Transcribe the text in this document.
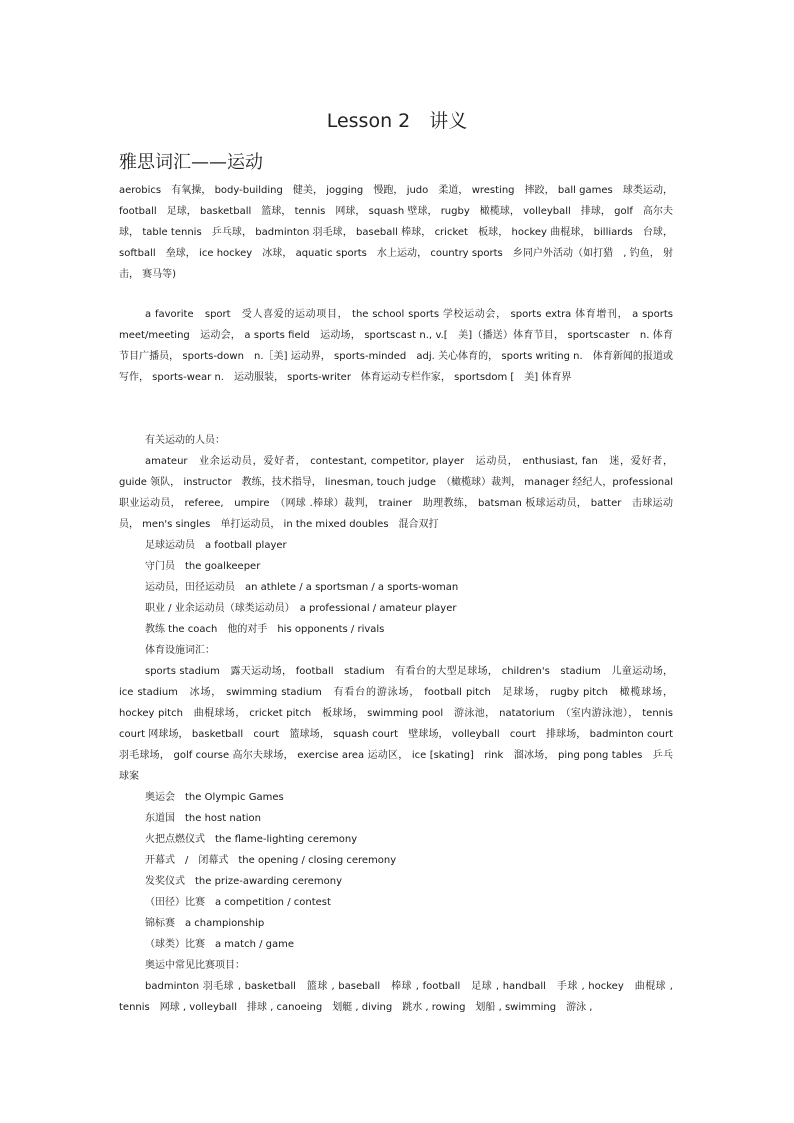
Lesson 2　讲义
雅思词汇——运动

aerobics　有氧操， body-building　健美， jogging　慢跑， judo　柔道， wresting　摔跤， ball games　球类运动， football　足球， basketball　篮球， tennis　网球， squash 壁球， rugby　橄榄球， volleyball　排球， golf　高尔夫球， table tennis　乒乓球， badminton 羽毛球， baseball 棒球， cricket　板球， hockey 曲棍球， billiards　台球， softball　垒球， ice hockey　冰球， aquatic sports　水上运动， country sports　乡同户外活动（如打猎　, 钓鱼， 射击， 赛马等)

a favorite　sport　受人喜爱的运动项目， the school sports 学校运动会， sports extra 体育增刊， a sports meet/meeting　运动会， a sports field　运动场， sportscast n., v.[　美]（播送）体育节目， sportscaster　n. 体育节目广播员， sports-down　n.［美] 运动界， sports-minded　adj. 关心体育的， sports writing n.　体育新闻的报道或写作， sports-wear n.　运动服装， sports-writer　体育运动专栏作家， sportsdom [　美] 体育界

有关运动的人员：

amateur　业余运动员，爱好者， contestant, competitor, player　运动员， enthusiast, fan　迷，爱好者， guide 领队， instructor　教练，技术指导， linesman, touch judge　（橄榄球）裁判， manager 经纪人，professional　职业运动员， referee,　umpire　（网球 .棒球）裁判， trainer　助理教练， batsman 板球运动员， batter　击球运动员， men's singles　单打运动员， in the mixed doubles　混合双打

足球运动员　a football player

守门员　the goalkeeper

运动员，田径运动员　an athlete / a sportsman / a sports-woman

职业 / 业余运动员（球类运动员）　a professional / amateur player

教练 the coach　他的对手　his opponents / rivals

体育设施词汇：

sports stadium　露天运动场， football　stadium　有看台的大型足球场， children's　stadium　儿童运动场， ice stadium　冰场， swimming stadium　有看台的游泳场， football pitch　足球场， rugby pitch　橄榄球场， hockey pitch　曲棍球场， cricket pitch　板球场， swimming pool　游泳池， natatorium　（室内游泳池）， tennis　court 网球场， basketball　court　篮球场， squash court　壁球场， volleyball　court　排球场， badminton court　羽毛球场， golf course 高尔夫球场， exercise area 运动区， ice [skating]　rink　溜冰场， ping pong tables　乒乓球案

奥运会　the Olympic Games

东道国　the host nation

火把点燃仪式　the flame-lighting ceremony

开幕式　/　闭幕式　the opening / closing ceremony

发奖仪式　the prize-awarding ceremony

（田径）比赛　a competition / contest

锦标赛　a championship

（球类）比赛　a match / game

奥运中常见比赛项目：

badminton 羽毛球 , basketball　篮球 , baseball　棒球 , football　足球 , handball　手球 , hockey　曲棍球 , tennis　网球 , volleyball　排球 , canoeing　划艇 , diving　跳水 , rowing　划船 , swimming　游泳 ,
